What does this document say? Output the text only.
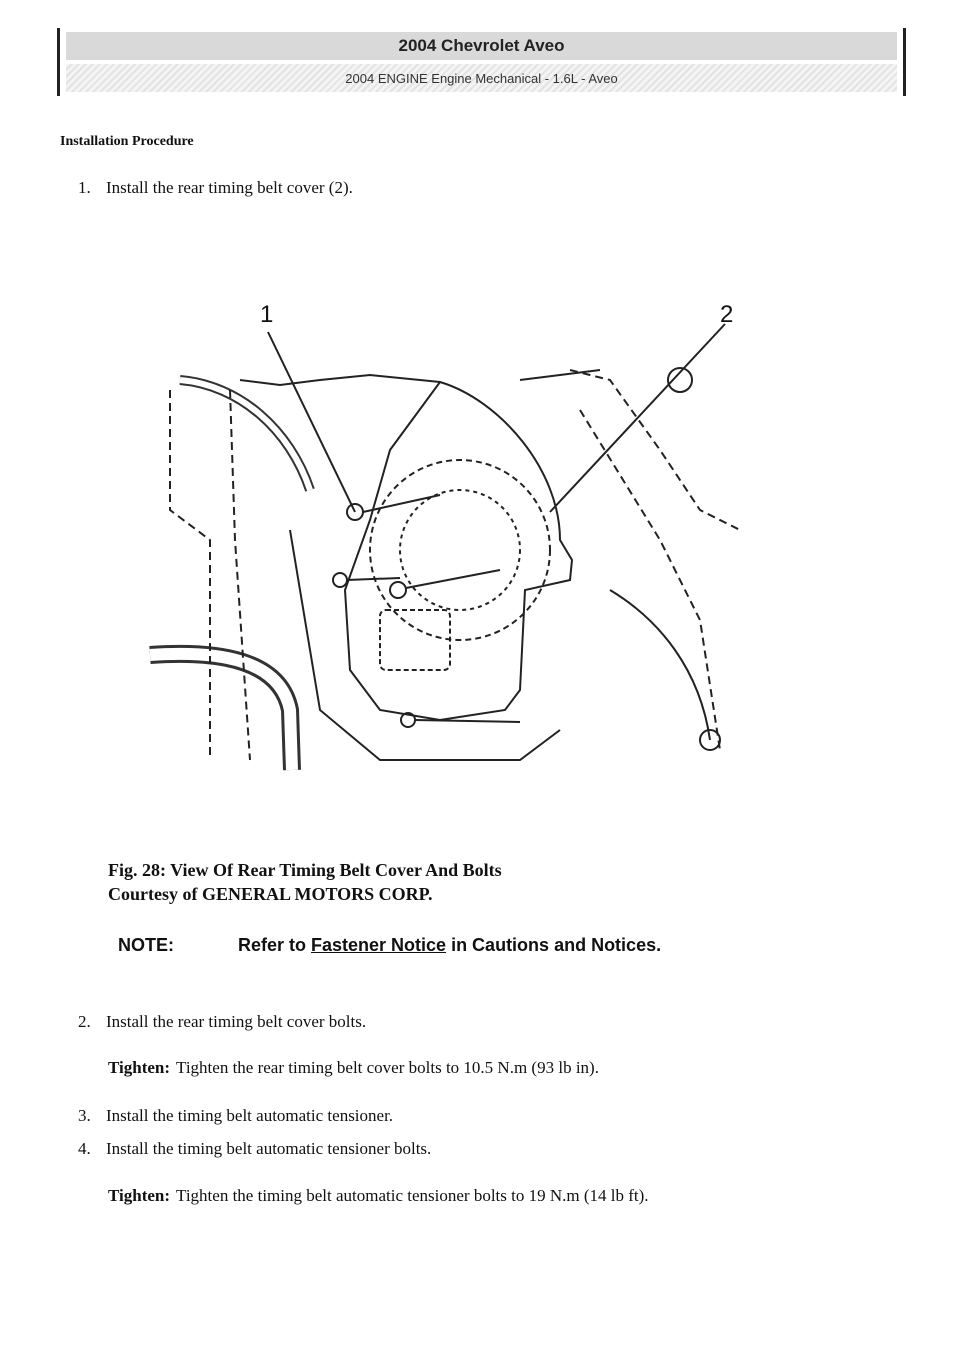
2004 Chevrolet Aveo
2004 ENGINE Engine Mechanical - 1.6L - Aveo
Installation Procedure
1. Install the rear timing belt cover (2).
1	2
Fig. 28: View Of Rear Timing Belt Cover And Bolts
Courtesy of GENERAL MOTORS CORP.
NOTE:	Refer to Fastener Notice in Cautions and Notices.
2. Install the rear timing belt cover bolts.
Tighten: Tighten the rear timing belt cover bolts to 10.5 N.m (93 lb in).
3. Install the timing belt automatic tensioner.
4. Install the timing belt automatic tensioner bolts.
Tighten: Tighten the timing belt automatic tensioner bolts to 19 N.m (14 lb ft).
